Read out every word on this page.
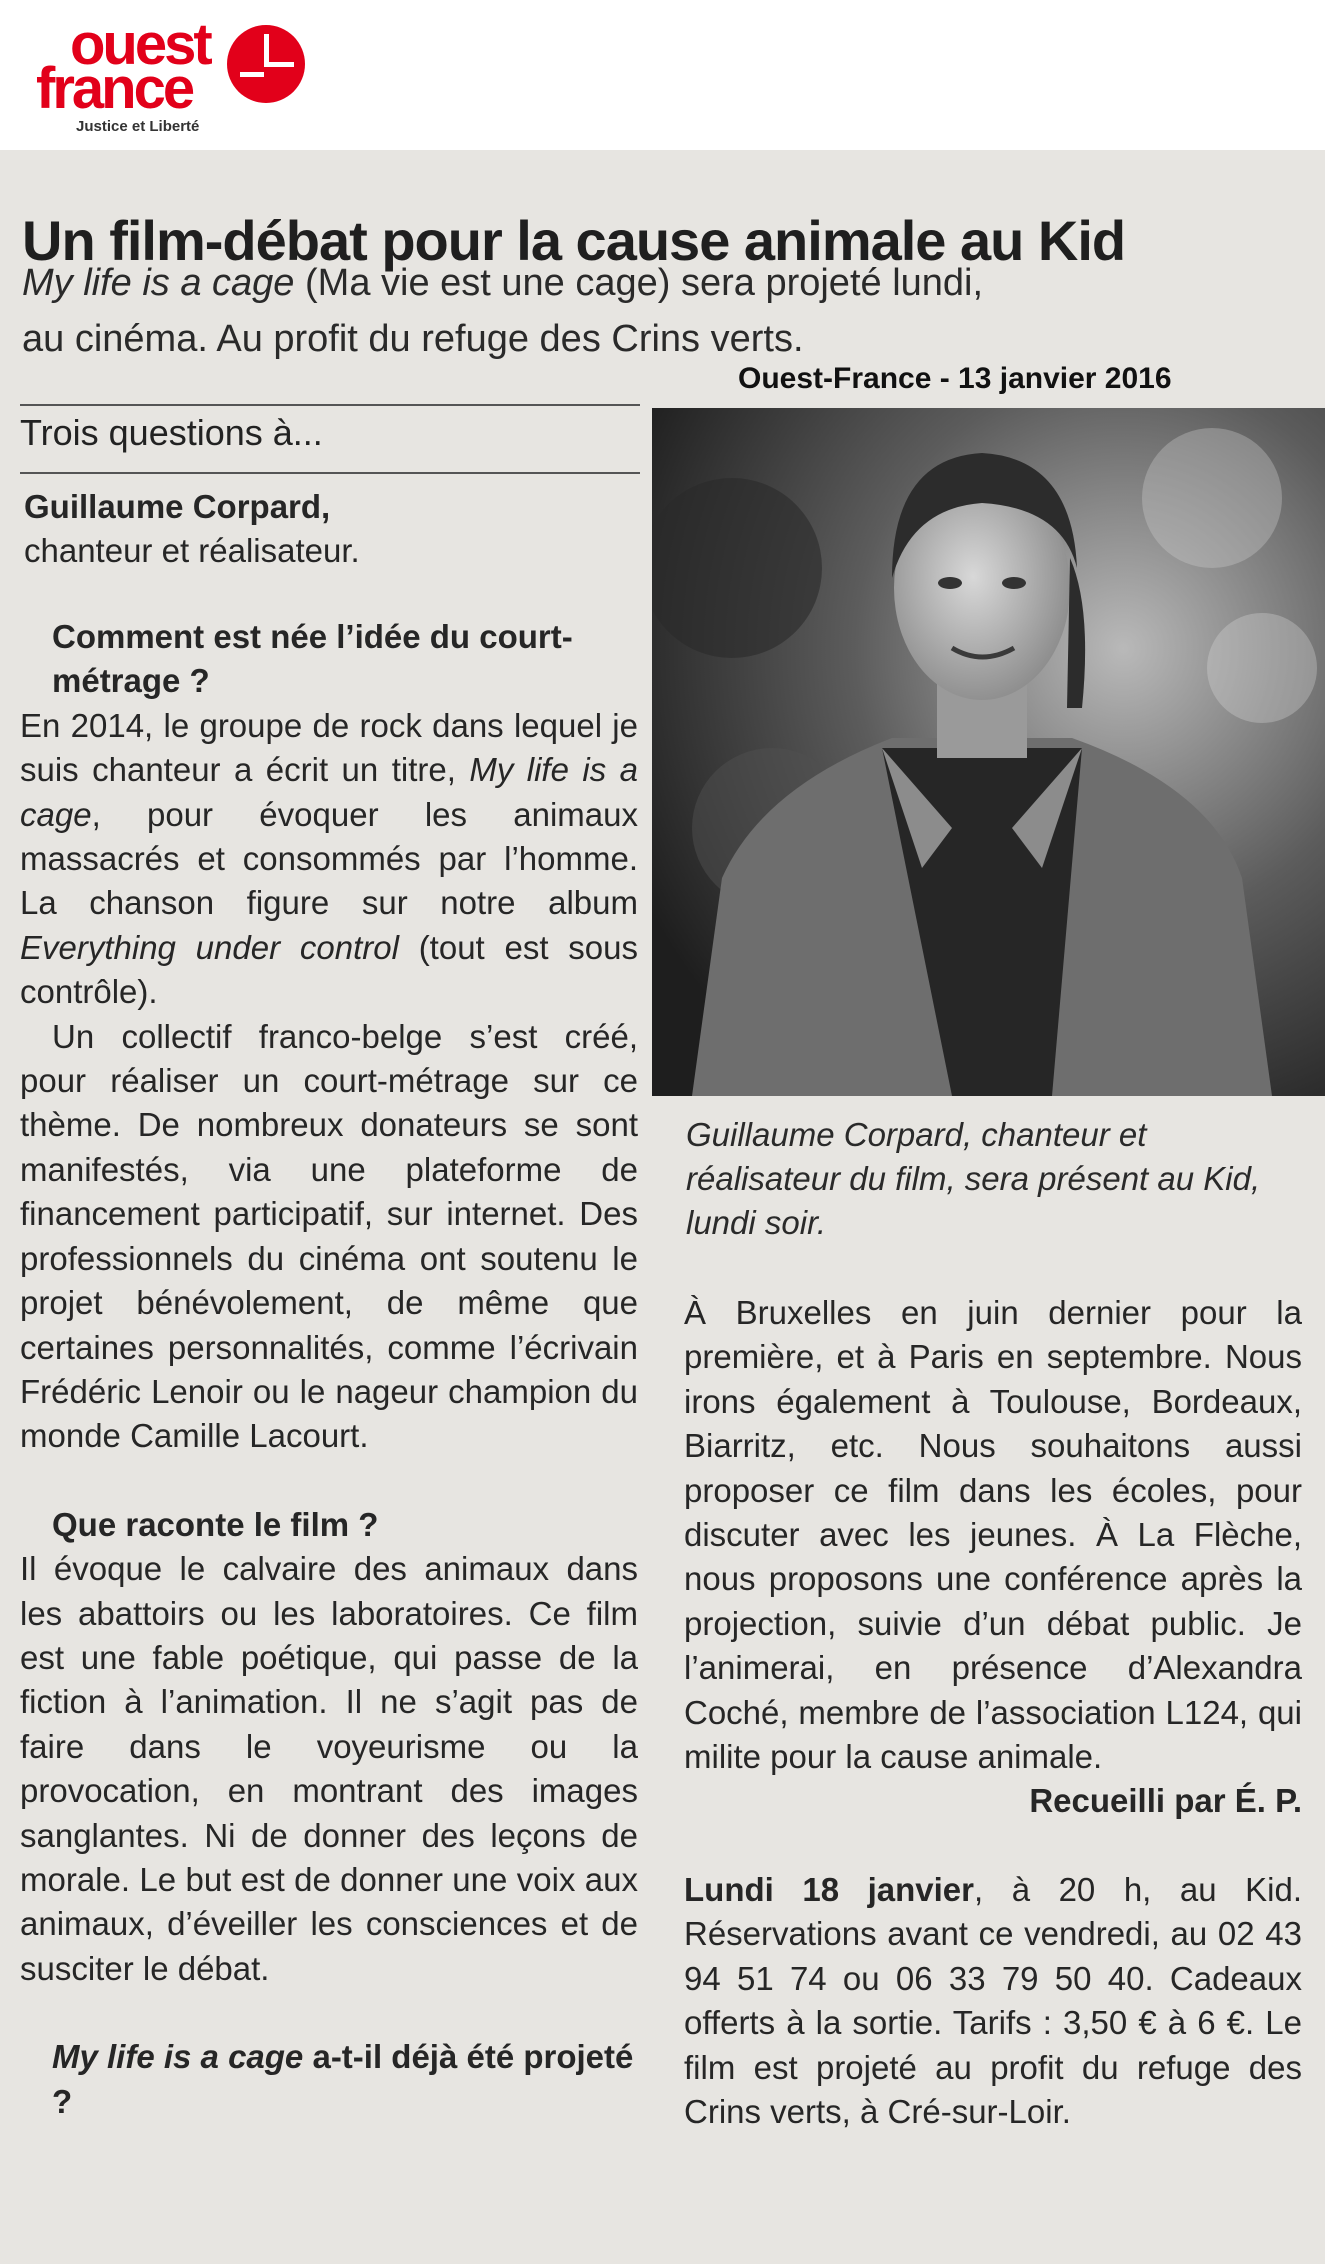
ouest
france
Justice et Liberté
Un film-débat pour la cause animale au Kid
My life is a cage (Ma vie est une cage) sera projeté lundi,
au cinéma. Au profit du refuge des Crins verts.
Ouest-France - 13 janvier 2016
Trois questions à...
Guillaume Corpard,
chanteur et réalisateur.

Comment est née l’idée du court-métrage ?

En 2014, le groupe de rock dans lequel je suis chanteur a écrit un titre, My life is a cage, pour évoquer les animaux massacrés et consommés par l’homme. La chanson figure sur notre album Everything under control (tout est sous contrôle).

Un collectif franco-belge s’est créé, pour réaliser un court-métrage sur ce thème. De nombreux donateurs se sont manifestés, via une plateforme de financement participatif, sur internet. Des professionnels du cinéma ont soutenu le projet bénévolement, de même que certaines personnalités, comme l’écrivain Frédéric Lenoir ou le nageur champion du monde Camille Lacourt.

Que raconte le film ?

Il évoque le calvaire des animaux dans les abattoirs ou les laboratoires. Ce film est une fable poétique, qui passe de la fiction à l’animation. Il ne s’agit pas de faire dans le voyeurisme ou la provocation, en montrant des images sanglantes. Ni de donner des leçons de morale. Le but est de donner une voix aux animaux, d’éveiller les consciences et de susciter le débat.

My life is a cage a-t-il déjà été projeté ?

Guillaume Corpard, chanteur et réalisateur du film, sera présent au Kid, lundi soir.

À Bruxelles en juin dernier pour la première, et à Paris en septembre. Nous irons également à Toulouse, Bordeaux, Biarritz, etc. Nous souhaitons aussi proposer ce film dans les écoles, pour discuter avec les jeunes. À La Flèche, nous proposons une conférence après la projection, suivie d’un débat public. Je l’animerai, en présence d’Alexandra Coché, membre de l’association L124, qui milite pour la cause animale.

Recueilli par É. P.

Lundi 18 janvier, à 20 h, au Kid. Réservations avant ce vendredi, au 02 43 94 51 74 ou 06 33 79 50 40. Cadeaux offerts à la sortie. Tarifs : 3,50 € à 6 €. Le film est projeté au profit du refuge des Crins verts, à Cré-sur-Loir.
